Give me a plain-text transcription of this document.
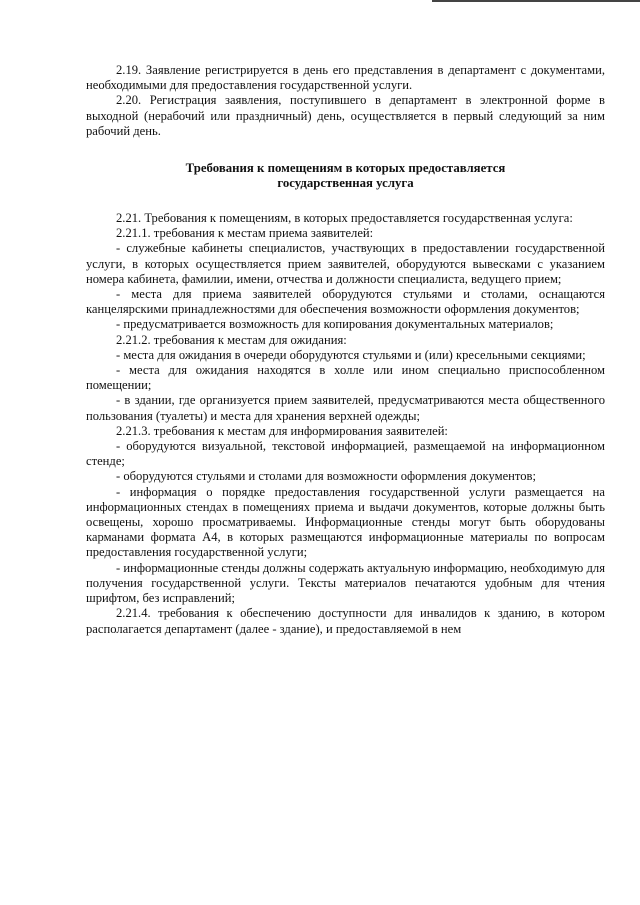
2.19. Заявление регистрируется в день его представления в департамент с документами, необходимыми для предоставления государственной услуги.

2.20. Регистрация заявления, поступившего в департамент в электронной форме в выходной (нерабочий или праздничный) день, осуществляется в первый следующий за ним рабочий день.

Требования к помещениям в которых предоставляется
государственная услуга

2.21. Требования к помещениям, в которых предоставляется государственная услуга:

2.21.1. требования к местам приема заявителей:

- служебные кабинеты специалистов, участвующих в предоставлении государственной услуги, в которых осуществляется прием заявителей, оборудуются вывесками с указанием номера кабинета, фамилии, имени, отчества и должности специалиста, ведущего прием;

- места для приема заявителей оборудуются стульями и столами, оснащаются канцелярскими принадлежностями для обеспечения возможности оформления документов;

- предусматривается возможность для копирования документальных материалов;

2.21.2. требования к местам для ожидания:

- места для ожидания в очереди оборудуются стульями и (или) кресельными секциями;

- места для ожидания находятся в холле или ином специально приспособленном помещении;

- в здании, где организуется прием заявителей, предусматриваются места общественного пользования (туалеты) и места для хранения верхней одежды;

2.21.3. требования к местам для информирования заявителей:

- оборудуются визуальной, текстовой информацией, размещаемой на информационном стенде;

- оборудуются стульями и столами для возможности оформления документов;

- информация о порядке предоставления государственной услуги размещается на информационных стендах в помещениях приема и выдачи документов, которые должны быть освещены, хорошо просматриваемы. Информационные стенды могут быть оборудованы карманами формата А4, в которых размещаются информационные материалы по вопросам предоставления государственной услуги;

- информационные стенды должны содержать актуальную информацию, необходимую для получения государственной услуги. Тексты материалов печатаются удобным для чтения шрифтом, без исправлений;

2.21.4. требования к обеспечению доступности для инвалидов к зданию, в котором располагается департамент (далее - здание), и предоставляемой в нем
